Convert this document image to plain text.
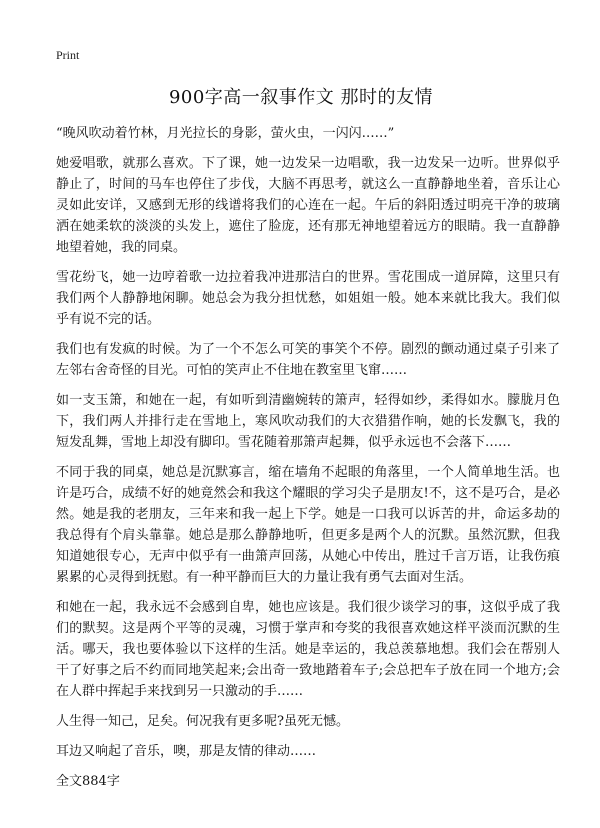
Print
900字高一叙事作文 那时的友情

“晚风吹动着竹林，月光拉长的身影，萤火虫，一闪闪……”

她爱唱歌，就那么喜欢。下了课，她一边发呆一边唱歌，我一边发呆一边听。世界似乎静止了，时间的马车也停住了步伐，大脑不再思考，就这么一直静静地坐着，音乐让心灵如此安详，又感到无形的线谱将我们的心连在一起。午后的斜阳透过明亮干净的玻璃洒在她柔软的淡淡的头发上，遮住了脸庞，还有那无神地望着远方的眼睛。我一直静静地望着她，我的同桌。

雪花纷飞，她一边哼着歌一边拉着我冲进那洁白的世界。雪花围成一道屏障，这里只有我们两个人静静地闲聊。她总会为我分担忧愁，如姐姐一般。她本来就比我大。我们似乎有说不完的话。

我们也有发疯的时候。为了一个不怎么可笑的事笑个不停。剧烈的颤动通过桌子引来了左邻右舍奇怪的目光。可怕的笑声止不住地在教室里飞窜……

如一支玉箫，和她在一起，有如听到清幽婉转的箫声，轻得如纱，柔得如水。朦胧月色下，我们两人并排行走在雪地上，寒风吹动我们的大衣猎猎作响，她的长发飘飞，我的短发乱舞，雪地上却没有脚印。雪花随着那箫声起舞，似乎永远也不会落下……

不同于我的同桌，她总是沉默寡言，缩在墙角不起眼的角落里，一个人简单地生活。也许是巧合，成绩不好的她竟然会和我这个耀眼的学习尖子是朋友!不，这不是巧合，是必然。她是我的老朋友，三年来和我一起上下学。她是一口我可以诉苦的井，命运多劫的我总得有个肩头靠靠。她总是那么静静地听，但更多是两个人的沉默。虽然沉默，但我知道她很专心，无声中似乎有一曲箫声回荡，从她心中传出，胜过千言万语，让我伤痕累累的心灵得到抚慰。有一种平静而巨大的力量让我有勇气去面对生活。

和她在一起，我永远不会感到自卑，她也应该是。我们很少谈学习的事，这似乎成了我们的默契。这是两个平等的灵魂，习惯于掌声和夸奖的我很喜欢她这样平淡而沉默的生活。哪天，我也要体验以下这样的生活。她是幸运的，我总羡慕地想。我们会在帮别人干了好事之后不约而同地笑起来;会出奇一致地踏着车子;会总把车子放在同一个地方;会在人群中挥起手来找到另一只激动的手……

人生得一知己，足矣。何况我有更多呢?虽死无憾。

耳边又响起了音乐，噢，那是友情的律动……

全文884字
